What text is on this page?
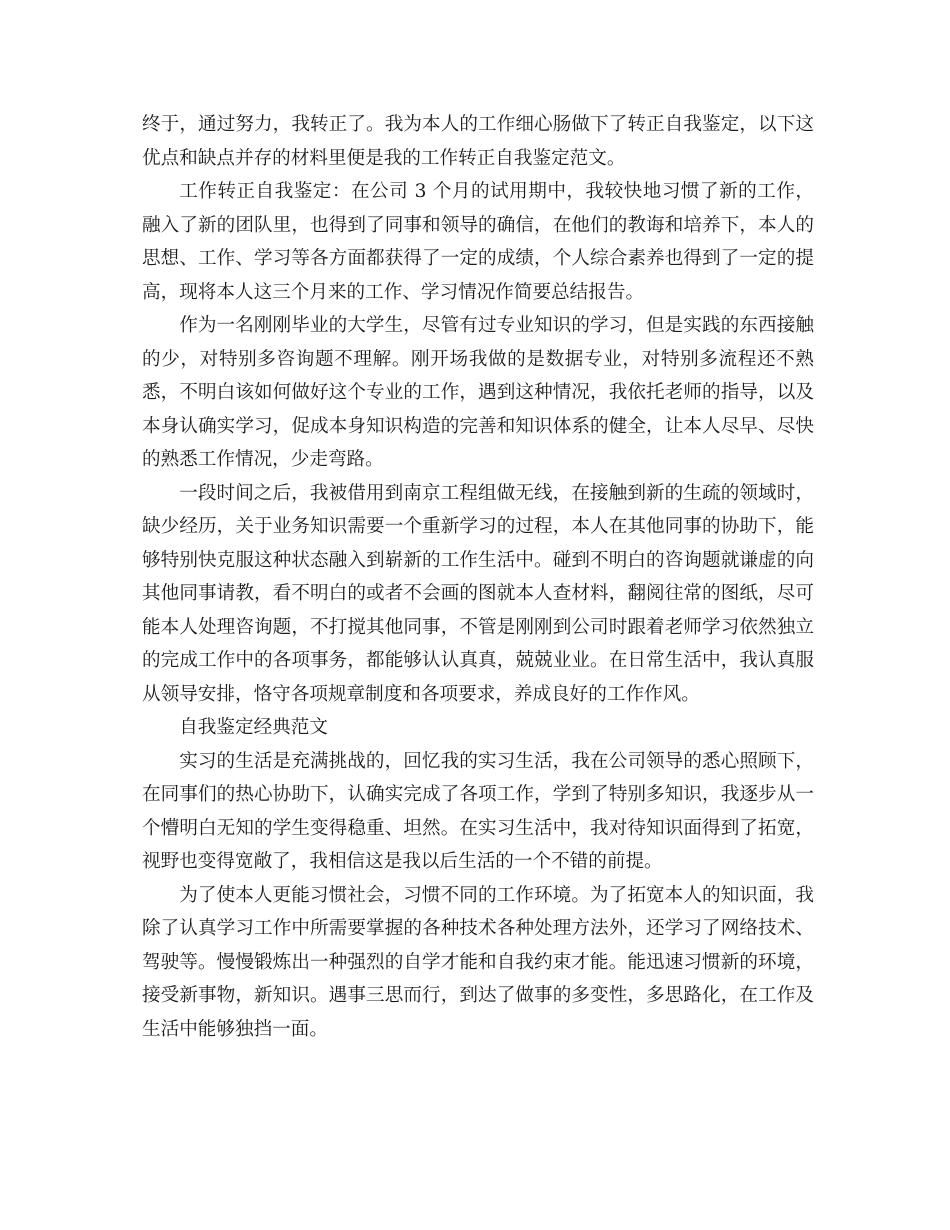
终于，通过努力，我转正了。我为本人的工作细心肠做下了转正自我鉴定，以下这优点和缺点并存的材料里便是我的工作转正自我鉴定范文。

工作转正自我鉴定：在公司 3 个月的试用期中，我较快地习惯了新的工作，融入了新的团队里，也得到了同事和领导的确信，在他们的教诲和培养下，本人的思想、工作、学习等各方面都获得了一定的成绩，个人综合素养也得到了一定的提高，现将本人这三个月来的工作、学习情况作简要总结报告。

作为一名刚刚毕业的大学生，尽管有过专业知识的学习，但是实践的东西接触的少，对特别多咨询题不理解。刚开场我做的是数据专业，对特别多流程还不熟悉，不明白该如何做好这个专业的工作，遇到这种情况，我依托老师的指导，以及本身认确实学习，促成本身知识构造的完善和知识体系的健全，让本人尽早、尽快的熟悉工作情况，少走弯路。

一段时间之后，我被借用到南京工程组做无线，在接触到新的生疏的领域时，缺少经历，关于业务知识需要一个重新学习的过程，本人在其他同事的协助下，能够特别快克服这种状态融入到崭新的工作生活中。碰到不明白的咨询题就谦虚的向其他同事请教，看不明白的或者不会画的图就本人查材料，翻阅往常的图纸，尽可能本人处理咨询题，不打搅其他同事，不管是刚刚到公司时跟着老师学习依然独立的完成工作中的各项事务，都能够认认真真，兢兢业业。在日常生活中，我认真服从领导安排，恪守各项规章制度和各项要求，养成良好的工作作风。

自我鉴定经典范文

实习的生活是充满挑战的，回忆我的实习生活，我在公司领导的悉心照顾下，在同事们的热心协助下，认确实完成了各项工作，学到了特别多知识，我逐步从一个懵明白无知的学生变得稳重、坦然。在实习生活中，我对待知识面得到了拓宽，视野也变得宽敞了，我相信这是我以后生活的一个不错的前提。

为了使本人更能习惯社会，习惯不同的工作环境。为了拓宽本人的知识面，我除了认真学习工作中所需要掌握的各种技术各种处理方法外，还学习了网络技术、驾驶等。慢慢锻炼出一种强烈的自学才能和自我约束才能。能迅速习惯新的环境，接受新事物，新知识。遇事三思而行，到达了做事的多变性，多思路化，在工作及生活中能够独挡一面。
